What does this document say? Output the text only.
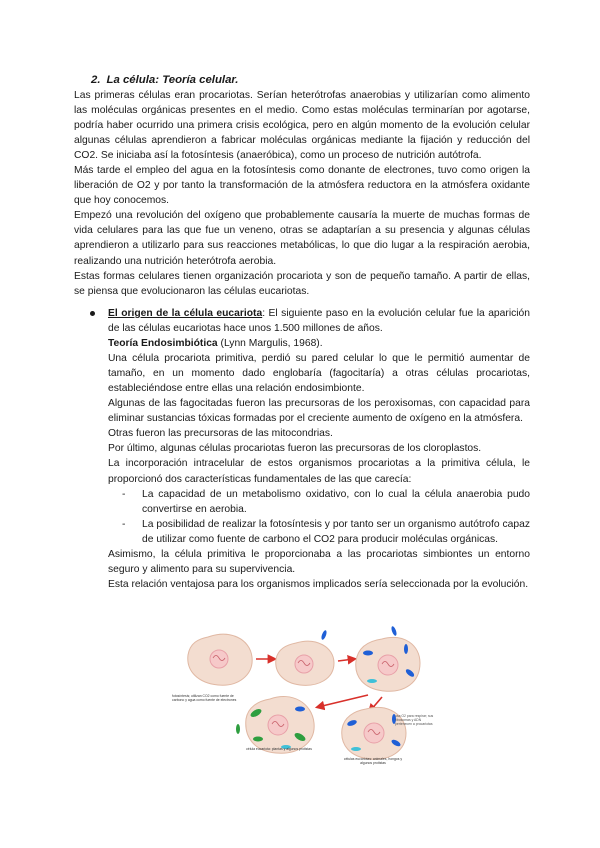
2. La célula: Teoría celular.

Las primeras células eran procariotas. Serían heterótrofas anaerobias y utilizarían como alimento las moléculas orgánicas presentes en el medio. Como estas moléculas terminarían por agotarse, podría haber ocurrido una primera crisis ecológica, pero en algún momento de la evolución celular algunas células aprendieron a fabricar moléculas orgánicas mediante la fijación y reducción del CO2. Se iniciaba así la fotosíntesis (anaeróbica), como un proceso de nutrición autótrofa.

Más tarde el empleo del agua en la fotosíntesis como donante de electrones, tuvo como origen la liberación de O2 y por tanto la transformación de la atmósfera reductora en la atmósfera oxidante que hoy conocemos.

Empezó una revolución del oxígeno que probablemente causaría la muerte de muchas formas de vida celulares para las que fue un veneno, otras se adaptarían a su presencia y algunas células aprendieron a utilizarlo para sus reacciones metabólicas, lo que dio lugar a la respiración aerobia, realizando una nutrición heterótrofa aerobia.

Estas formas celulares tienen organización procariota y son de pequeño tamaño. A partir de ellas, se piensa que evolucionaron las células eucariotas.

El origen de la célula eucariota: El siguiente paso en la evolución celular fue la aparición de las células eucariotas hace unos 1.500 millones de años.

Teoría Endosimbiótica (Lynn Margulis, 1968).

Una célula procariota primitiva, perdió su pared celular lo que le permitió aumentar de tamaño, en un momento dado englobaría (fagocitaría) a otras células procariotas, estableciéndose entre ellas una relación endosimbionte.

Algunas de las fagocitadas fueron las precursoras de los peroxisomas, con capacidad para eliminar sustancias tóxicas formadas por el creciente aumento de oxígeno en la atmósfera.

Otras fueron las precursoras de las mitocondrias.

Por último, algunas células procariotas fueron las precursoras de los cloroplastos.

La incorporación intracelular de estos organismos procariotas a la primitiva célula, le proporcionó dos características fundamentales de las que carecía:

- La capacidad de un metabolismo oxidativo, con lo cual la célula anaerobia pudo convertirse en aerobia.
- La posibilidad de realizar la fotosíntesis y por tanto ser un organismo autótrofo capaz de utilizar como fuente de carbono el CO2 para producir moléculas orgánicas.

Asimismo, la célula primitiva le proporcionaba a las procariotas simbiontes un entorno seguro y alimento para su supervivencia.

Esta relación ventajosa para los organismos implicados sería seleccionada por la evolución.

fotosíntesis; utilizan CO2 como fuente de carbono y agua como fuente de electrones
célula eucariota: plantas y algunos protistas
usa O2 para respirar; sus ribosomas y ADN pertenecen a procariotas
células eucariotas: animales, hongos y algunos protistas
